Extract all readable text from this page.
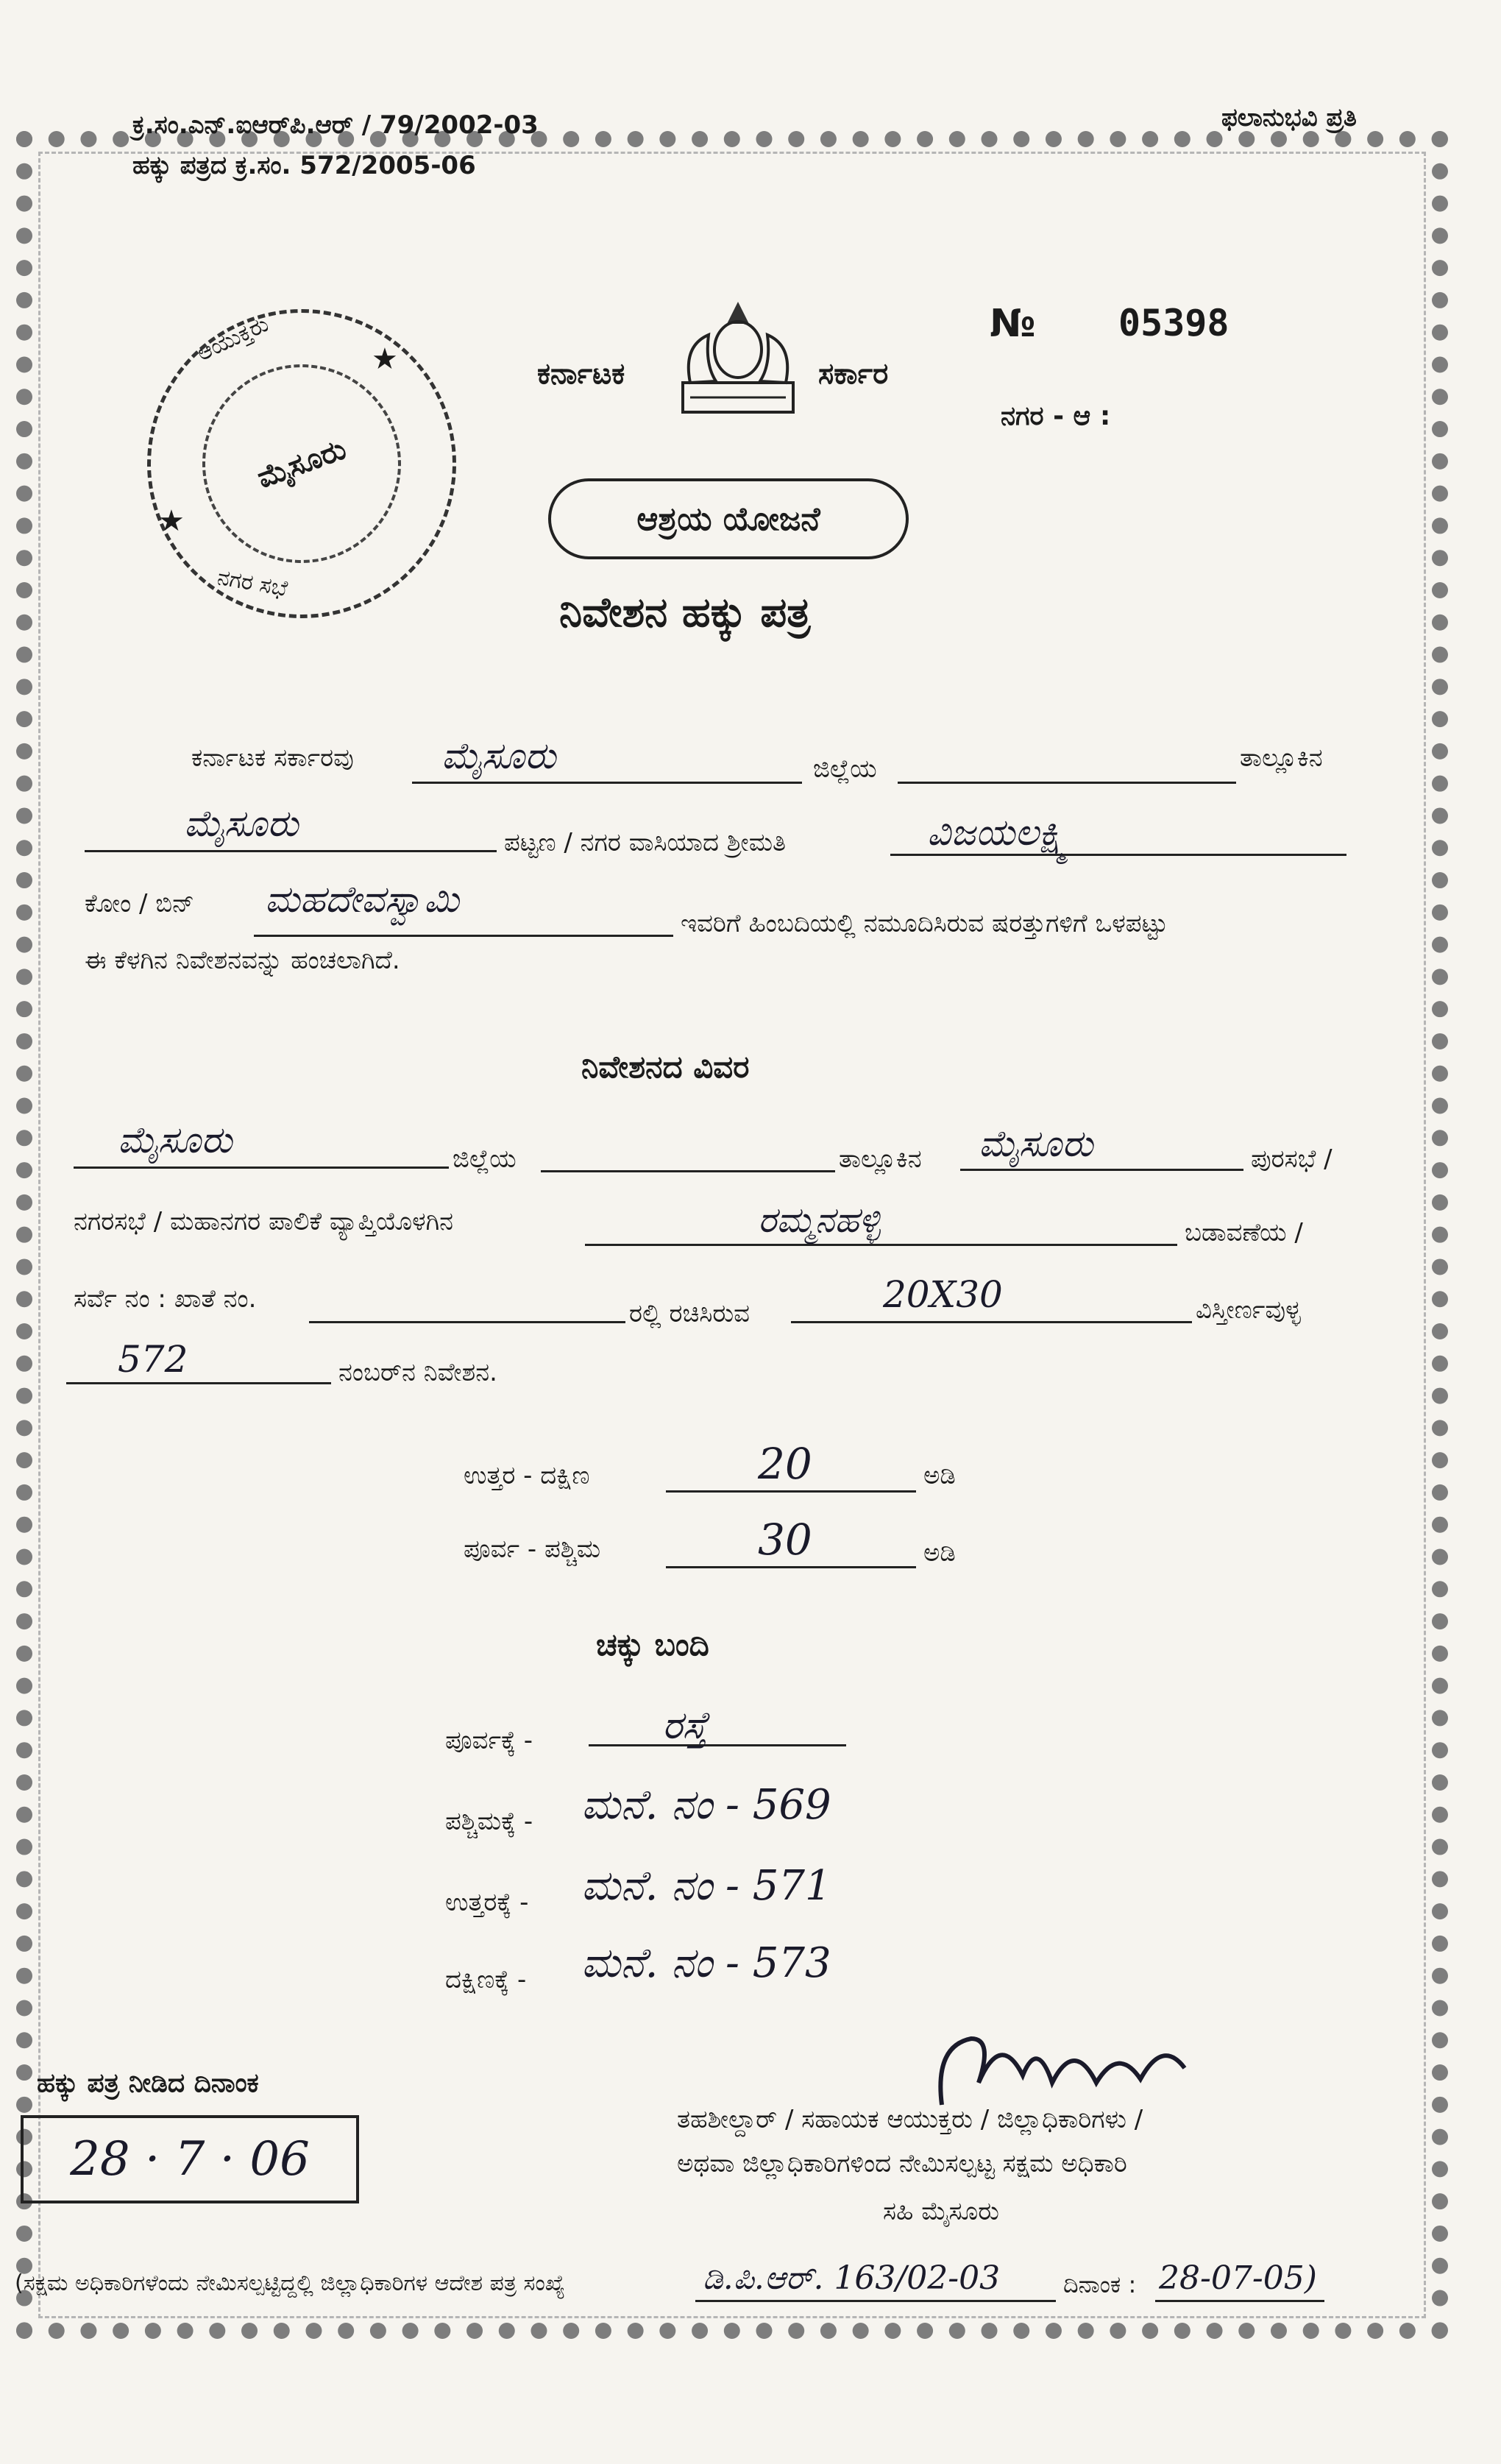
ಕ್ರ.ಸಂ.ಎನ್.ಐಆರ್‌ಪಿ.ಆರ್ / 79/2002-03
ಹಕ್ಕು ಪತ್ರದ ಕ್ರ.ಸಂ. 572/2005-06
ಫಲಾನುಭವಿ ಪ್ರತಿ
ಆಯುಕ್ತರು
ಮೈಸೂರು
ನಗರ ಸಭೆ
★
★
ಕರ್ನಾಟಕ	ಸರ್ಕಾರ
№ 05398
ನಗರ - ಆ :
ಆಶ್ರಯ ಯೋಜನೆ
ನಿವೇಶನ ಹಕ್ಕು ಪತ್ರ
ಕರ್ನಾಟಕ ಸರ್ಕಾರವು ಮೈಸೂರು	ಜಿಲ್ಲೆಯ	ತಾಲ್ಲೂಕಿನ
ಮೈಸೂರು	ಪಟ್ಟಣ / ನಗರ ವಾಸಿಯಾದ ಶ್ರೀಮತಿ	ವಿಜಯಲಕ್ಷ್ಮಿ
ಕೋಂ / ಬಿನ್ ಮಹದೇವಸ್ವಾಮಿ
ಇವರಿಗೆ ಹಿಂಬದಿಯಲ್ಲಿ ನಮೂದಿಸಿರುವ ಷರತ್ತುಗಳಿಗೆ ಒಳಪಟ್ಟು
ಈ ಕೆಳಗಿನ ನಿವೇಶನವನ್ನು ಹಂಚಲಾಗಿದೆ.
ನಿವೇಶನದ ವಿವರ
ಮೈಸೂರು	ಜಿಲ್ಲೆಯ	ತಾಲ್ಲೂಕಿನ ಮೈಸೂರು	ಪುರಸಭೆ /
ನಗರಸಭೆ / ಮಹಾನಗರ ಪಾಲಿಕೆ ವ್ಯಾಪ್ತಿಯೊಳಗಿನ	ರಮ್ಮನಹಳ್ಳಿ	ಬಡಾವಣೆಯ /
ಸರ್ವೆ ನಂ : ಖಾತೆ ನಂ.	ರಲ್ಲಿ ರಚಿಸಿರುವ	20X30	ವಿಸ್ತೀರ್ಣವುಳ್ಳ
572	ನಂಬರ್‌ನ ನಿವೇಶನ.
ಉತ್ತರ - ದಕ್ಷಿಣ	20	ಅಡಿ
ಪೂರ್ವ - ಪಶ್ಚಿಮ	30	ಅಡಿ
ಚಕ್ಕು ಬಂದಿ
ಪೂರ್ವಕ್ಕೆ -	ರಸ್ತೆ
ಪಶ್ಚಿಮಕ್ಕೆ - ಮನೆ. ನಂ - 569
ಉತ್ತರಕ್ಕೆ - ಮನೆ. ನಂ - 571
ದಕ್ಷಿಣಕ್ಕೆ - ಮನೆ. ನಂ - 573
ಹಕ್ಕು ಪತ್ರ ನೀಡಿದ ದಿನಾಂಕ
28 · 7 · 06
ತಹಶೀಲ್ದಾರ್ / ಸಹಾಯಕ ಆಯುಕ್ತರು / ಜಿಲ್ಲಾಧಿಕಾರಿಗಳು /
ಅಥವಾ ಜಿಲ್ಲಾಧಿಕಾರಿಗಳಿಂದ ನೇಮಿಸಲ್ಪಟ್ಟ ಸಕ್ಷಮ ಅಧಿಕಾರಿ
ಸಹಿ ಮೈಸೂರು
(ಸಕ್ಷಮ ಅಧಿಕಾರಿಗಳೆಂದು ನೇಮಿಸಲ್ಪಟ್ಟಿದ್ದಲ್ಲಿ ಜಿಲ್ಲಾಧಿಕಾರಿಗಳ ಆದೇಶ ಪತ್ರ ಸಂಖ್ಯೆ	ಡಿ.ಪಿ.ಆರ್. 163/02-03	ದಿನಾಂಕ : 28-07-05)
